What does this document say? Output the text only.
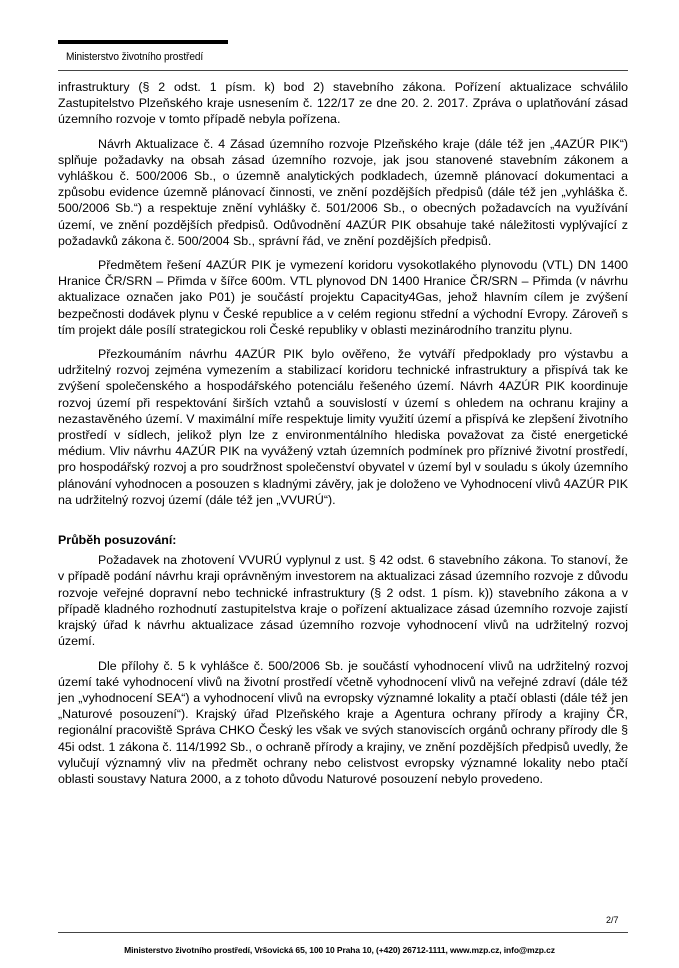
Ministerstvo životního prostředí

infrastruktury (§ 2 odst. 1 písm. k) bod 2) stavebního zákona. Pořízení aktualizace schválilo Zastupitelstvo Plzeňského kraje usnesením č. 122/17 ze dne 20. 2. 2017. Zpráva o uplatňování zásad územního rozvoje v tomto případě nebyla pořízena.

Návrh Aktualizace č. 4 Zásad územního rozvoje Plzeňského kraje (dále též jen „4AZÚR PIK“) splňuje požadavky na obsah zásad územního rozvoje, jak jsou stanovené stavebním zákonem a vyhláškou č. 500/2006 Sb., o územně analytických podkladech, územně plánovací dokumentaci a způsobu evidence územně plánovací činnosti, ve znění pozdějších předpisů (dále též jen „vyhláška č. 500/2006 Sb.“) a respektuje znění vyhlášky č. 501/2006 Sb., o obecných požadavcích na využívání území, ve znění pozdějších předpisů. Odůvodnění 4AZÚR PIK obsahuje také náležitosti vyplývající z požadavků zákona č. 500/2004 Sb., správní řád, ve znění pozdějších předpisů.

Předmětem řešení 4AZÚR PIK je vymezení koridoru vysokotlakého plynovodu (VTL) DN 1400 Hranice ČR/SRN – Přimda v šířce 600m. VTL plynovod DN 1400 Hranice ČR/SRN – Přimda (v návrhu aktualizace označen jako P01) je součástí projektu Capacity4Gas, jehož hlavním cílem je zvýšení bezpečnosti dodávek plynu v České republice a v celém regionu střední a východní Evropy. Zároveň s tím projekt dále posílí strategickou roli České republiky v oblasti mezinárodního tranzitu plynu.

Přezkoumáním návrhu 4AZÚR PIK bylo ověřeno, že vytváří předpoklady pro výstavbu a udržitelný rozvoj zejména vymezením a stabilizací koridoru technické infrastruktury a přispívá tak ke zvýšení společenského a hospodářského potenciálu řešeného území. Návrh 4AZÚR PIK koordinuje rozvoj území při respektování širších vztahů a souvislostí v území s ohledem na ochranu krajiny a nezastavěného území. V maximální míře respektuje limity využití území a přispívá ke zlepšení životního prostředí v sídlech, jelikož plyn lze z environmentálního hlediska považovat za čisté energetické médium. Vliv návrhu 4AZÚR PIK na vyvážený vztah územních podmínek pro příznivé životní prostředí, pro hospodářský rozvoj a pro soudržnost společenství obyvatel v území byl v souladu s úkoly územního plánování vyhodnocen a posouzen s kladnými závěry, jak je doloženo ve Vyhodnocení vlivů 4AZÚR PIK na udržitelný rozvoj území (dále též jen „VVURÚ“).

Průběh posuzování:

Požadavek na zhotovení VVURÚ vyplynul z ust. § 42 odst. 6 stavebního zákona. To stanoví, že v případě podání návrhu kraji oprávněným investorem na aktualizaci zásad územního rozvoje z důvodu rozvoje veřejné dopravní nebo technické infrastruktury (§ 2 odst. 1 písm. k)) stavebního zákona a v případě kladného rozhodnutí zastupitelstva kraje o pořízení aktualizace zásad územního rozvoje zajistí krajský úřad k návrhu aktualizace zásad územního rozvoje vyhodnocení vlivů na udržitelný rozvoj území.

Dle přílohy č. 5 k vyhlášce č. 500/2006 Sb. je součástí vyhodnocení vlivů na udržitelný rozvoj území také vyhodnocení vlivů na životní prostředí včetně vyhodnocení vlivů na veřejné zdraví (dále též jen „vyhodnocení SEA“) a vyhodnocení vlivů na evropsky významné lokality a ptačí oblasti (dále též jen „Naturové posouzení“). Krajský úřad Plzeňského kraje a Agentura ochrany přírody a krajiny ČR, regionální pracoviště Správa CHKO Český les však ve svých stanoviscích orgánů ochrany přírody dle § 45i odst. 1 zákona č. 114/1992 Sb., o ochraně přírody a krajiny, ve znění pozdějších předpisů uvedly, že vylučují významný vliv na předmět ochrany nebo celistvost evropsky významné lokality nebo ptačí oblasti soustavy Natura 2000, a z tohoto důvodu Naturové posouzení nebylo provedeno.

2/7
Ministerstvo životního prostředí, Vršovická 65, 100 10 Praha 10, (+420) 26712-1111, www.mzp.cz, info@mzp.cz
